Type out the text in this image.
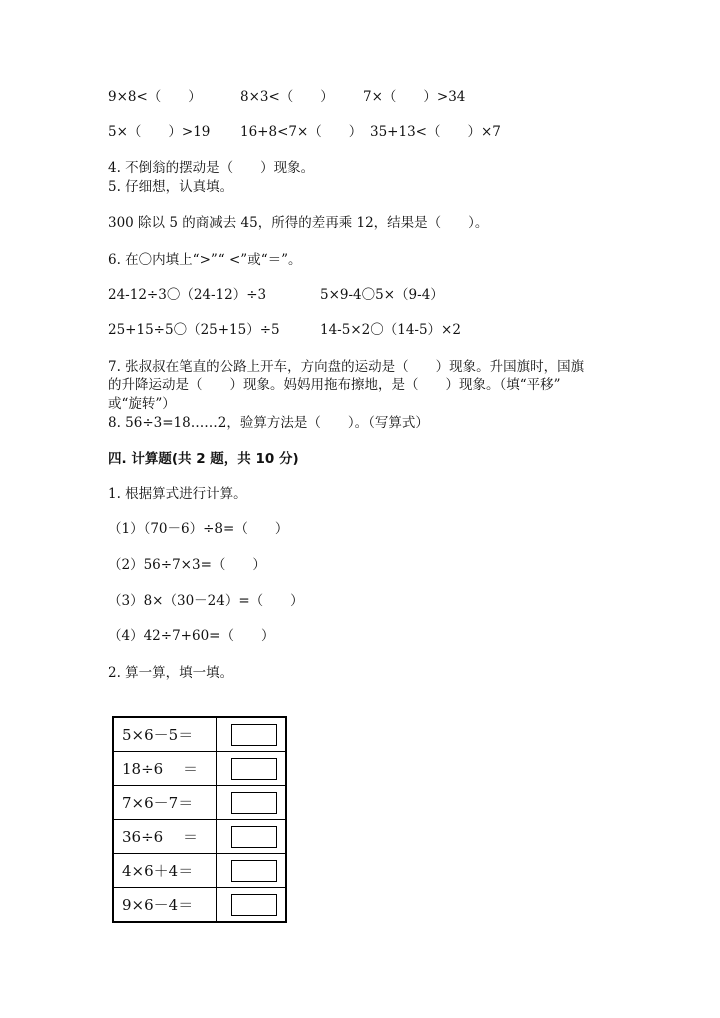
9×8<（　　）	8×3<（　　） 7×（　　）>34
5×（　　）>19 16+8<7×（　　） 35+13<（　　）×7
4. 不倒翁的摆动是（　　）现象。
5. 仔细想，认真填。
300 除以 5 的商减去 45，所得的差再乘 12，结果是（　　）。
6. 在〇内填上“>”“ <”或“＝”。
24-12÷3〇（24-12）÷3	5×9-4〇5×（9-4）
25+15÷5〇（25+15）÷5	14-5×2〇（14-5）×2
7. 张叔叔在笔直的公路上开车，方向盘的运动是（　　）现象。升国旗时，国旗
的升降运动是（　　）现象。妈妈用拖布擦地，是（　　）现象。（填“平移”
或“旋转”）
8. 56÷3=18……2，验算方法是（　　）。（写算式）
四. 计算题(共 2 题，共 10 分)
1. 根据算式进行计算。
（1）（70－6）÷8=（　　）
（2）56÷7×3=（　　）
（3）8×（30－24）=（　　）
（4）42÷7+60=（　　）
2. 算一算，填一填。
5×6－5＝	
18÷6　 ＝	
7×6－7＝	
36÷6　 ＝	
4×6＋4＝	
9×6－4＝	
